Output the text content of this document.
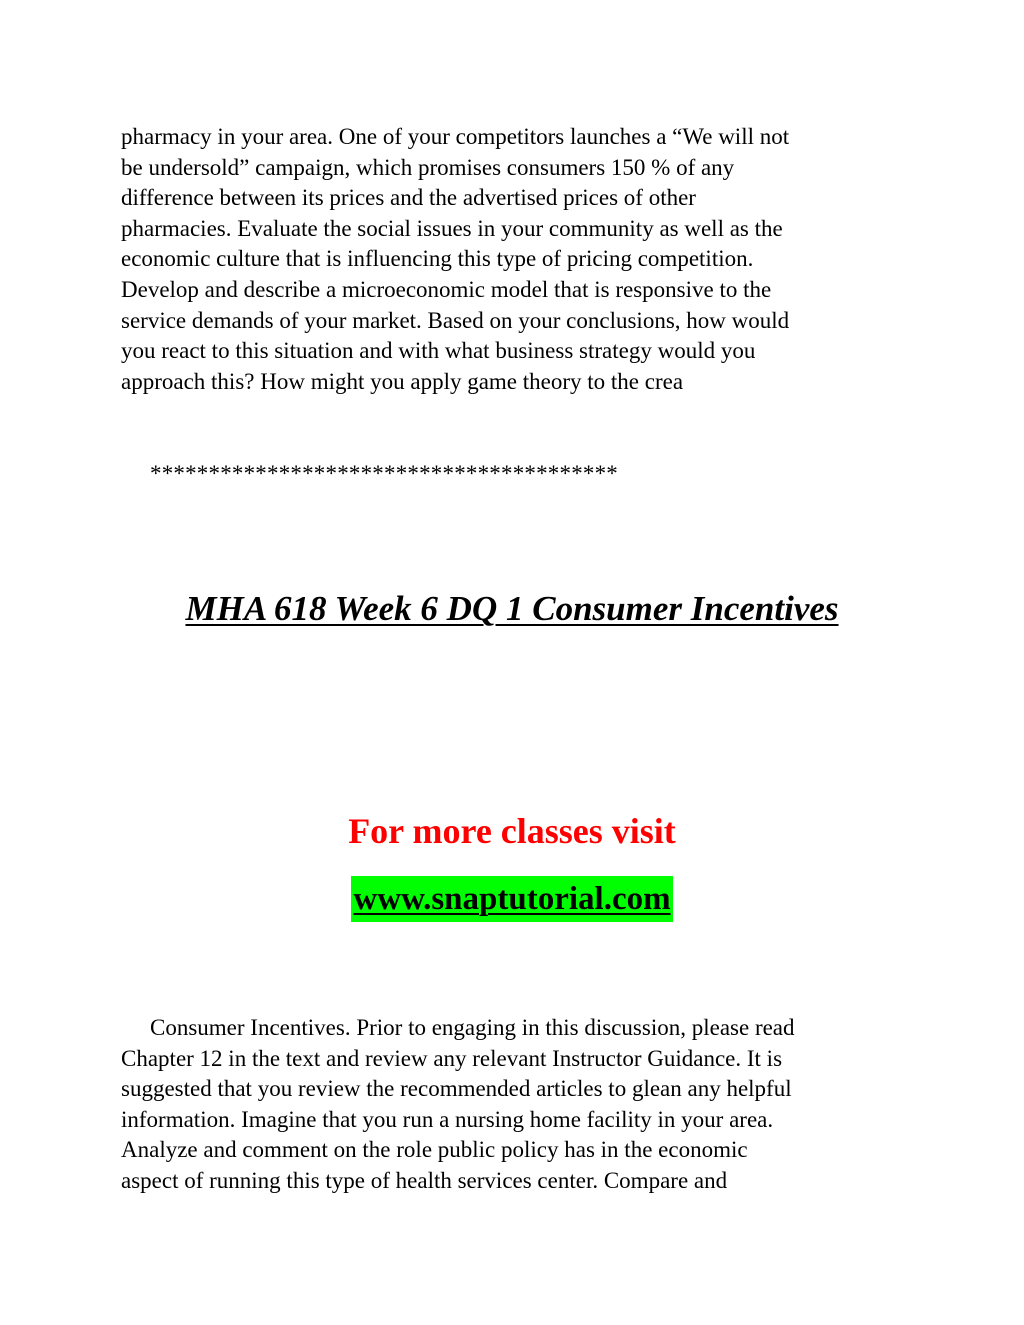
pharmacy in your area. One of your competitors launches a “We will not
be undersold” campaign, which promises consumers 150 % of any
difference between its prices and the advertised prices of other
pharmacies. Evaluate the social issues in your community as well as the
economic culture that is influencing this type of pricing competition.
Develop and describe a microeconomic model that is responsive to the
service demands of your market. Based on your conclusions, how would
you react to this situation and with what business strategy would you
approach this? How might you apply game theory to the crea

****************************************
MHA 618 Week 6 DQ 1 Consumer Incentives
For more classes visit
www.snaptutorial.com

Consumer Incentives. Prior to engaging in this discussion, please read
Chapter 12 in the text and review any relevant Instructor Guidance. It is
suggested that you review the recommended articles to glean any helpful
information. Imagine that you run a nursing home facility in your area.
Analyze and comment on the role public policy has in the economic
aspect of running this type of health services center. Compare and
